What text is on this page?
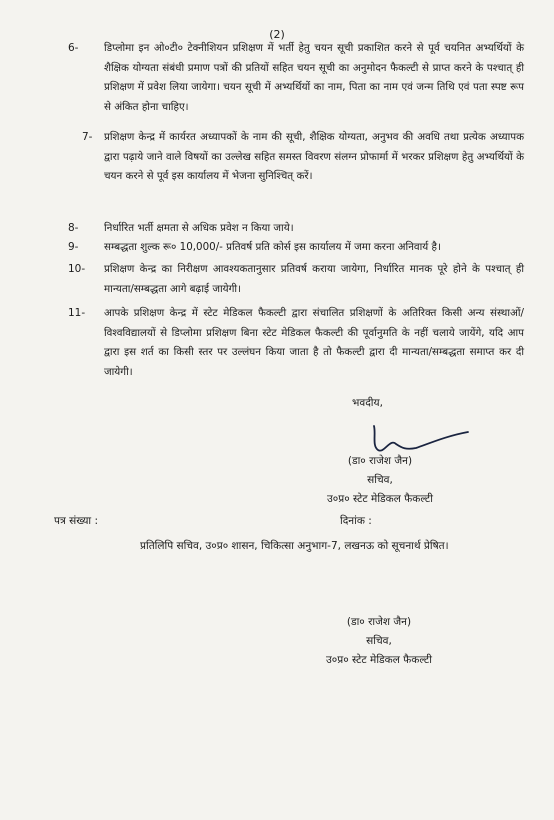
(2)
6- डिप्लोमा इन ओ०टी० टेक्नीशियन प्रशिक्षण में भर्ती हेतु चयन सूची प्रकाशित करने से पूर्व चयनित अभ्यर्थियों के शैक्षिक योग्यता संबंधी प्रमाण पत्रों की प्रतियों सहित चयन सूची का अनुमोदन फैकल्टी से प्राप्त करने के पश्चात् ही प्रशिक्षण में प्रवेश लिया जायेगा। चयन सूची में अभ्यर्थियों का नाम, पिता का नाम एवं जन्म तिथि एवं पता स्पष्ट रूप से अंकित होना चाहिए।
7- प्रशिक्षण केन्द्र में कार्यरत अध्यापकों के नाम की सूची, शैक्षिक योग्यता, अनुभव की अवधि तथा प्रत्येक अध्यापक द्वारा पढ़ाये जाने वाले विषयों का उल्लेख सहित समस्त विवरण संलग्न प्रोफार्मा में भरकर प्रशिक्षण हेतु अभ्यर्थियों के चयन करने से पूर्व इस कार्यालय में भेजना सुनिश्चित् करें।
8- निर्धारित भर्ती क्षमता से अधिक प्रवेश न किया जाये।
9- सम्बद्धता शुल्क रू० 10,000/- प्रतिवर्ष प्रति कोर्स इस कार्यालय में जमा करना अनिवार्य है।
10- प्रशिक्षण केन्द्र का निरीक्षण आवश्यकतानुसार प्रतिवर्ष कराया जायेगा, निर्धारित मानक पूरे होने के पश्चात् ही मान्यता/सम्बद्धता आगे बढ़ाई जायेगी।
11- आपके प्रशिक्षण केन्द्र में स्टेट मेडिकल फैकल्टी द्वारा संचालित प्रशिक्षणों के अतिरिक्त किसी अन्य संस्थाओं/विश्वविद्यालयों से डिप्लोमा प्रशिक्षण बिना स्टेट मेडिकल फैकल्टी की पूर्वानुमति के नहीं चलाये जायेंगे, यदि आप द्वारा इस शर्त का किसी स्तर पर उल्लंघन किया जाता है तो फैकल्टी द्वारा दी मान्यता/सम्बद्धता समाप्त कर दी जायेगी।
भवदीय,
(डा० राजेश जैन)
सचिव,
उ०प्र० स्टेट मेडिकल फैकल्टी
पत्र संख्या :	दिनांक :
प्रतिलिपि सचिव, उ०प्र० शासन, चिकित्सा अनुभाग-7, लखनऊ को सूचनार्थ प्रेषित।
(डा० राजेश जैन)
सचिव,
उ०प्र० स्टेट मेडिकल फैकल्टी
